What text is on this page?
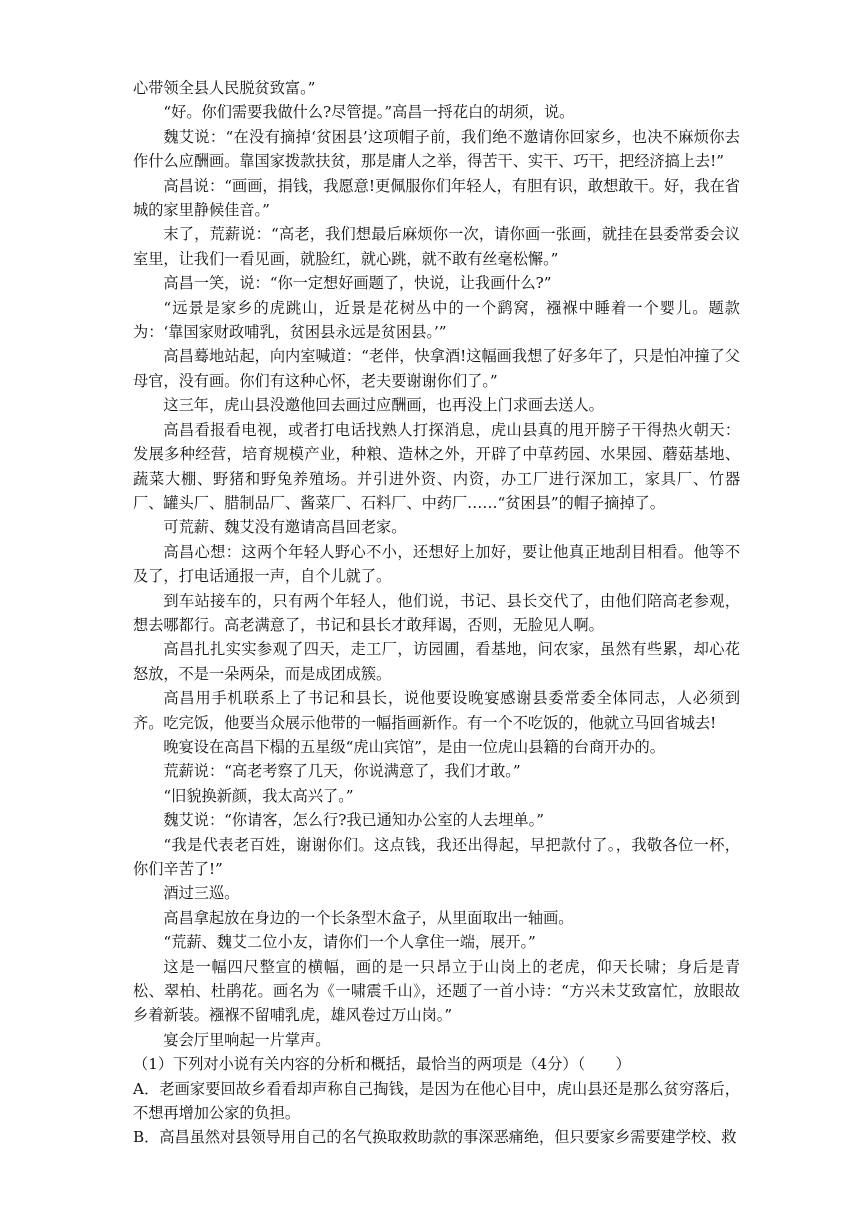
心带领全县人民脱贫致富。”

“好。你们需要我做什么?尽管提。”高昌一捋花白的胡须，说。

魏艾说：“在没有摘掉‘贫困县’这项帽子前，我们绝不邀请你回家乡，也决不麻烦你去作什么应酬画。靠国家拨款扶贫，那是庸人之举，得苦干、实干、巧干，把经济搞上去!”

高昌说：“画画，捐钱，我愿意!更佩服你们年轻人，有胆有识，敢想敢干。好，我在省城的家里静候佳音。”

末了，荒薪说：“高老，我们想最后麻烦你一次，请你画一张画，就挂在县委常委会议室里，让我们一看见画，就脸红，就心跳，就不敢有丝毫松懈。”

高昌一笑，说：“你一定想好画题了，快说，让我画什么?”

“远景是家乡的虎跳山，近景是花树丛中的一个鹞窝，襁褓中睡着一个婴儿。题款为：‘靠国家财政哺乳，贫困县永远是贫困县。’”

高昌蓦地站起，向内室喊道：“老伴，快拿酒!这幅画我想了好多年了，只是怕冲撞了父母官，没有画。你们有这种心怀，老夫要谢谢你们了。”

这三年，虎山县没邀他回去画过应酬画，也再没上门求画去送人。

高昌看报看电视，或者打电话找熟人打探消息，虎山县真的甩开膀子干得热火朝天：发展多种经营，培育规模产业，种粮、造林之外，开辟了中草药园、水果园、蘑菇基地、蔬菜大棚、野猪和野兔养殖场。并引进外资、内资，办工厂进行深加工，家具厂、竹器厂、罐头厂、腊制品厂、酱菜厂、石料厂、中药厂……“贫困县”的帽子摘掉了。

可荒薪、魏艾没有邀请高昌回老家。

高昌心想：这两个年轻人野心不小，还想好上加好，要让他真正地刮目相看。他等不及了，打电话通报一声，自个儿就了。

到车站接车的，只有两个年轻人，他们说，书记、县长交代了，由他们陪高老参观，想去哪都行。高老满意了，书记和县长才敢拜谒，否则，无脸见人啊。

高昌扎扎实实参观了四天，走工厂，访园圃，看基地，问农家，虽然有些累，却心花怒放，不是一朵两朵，而是成团成簇。

高昌用手机联系上了书记和县长，说他要设晚宴感谢县委常委全体同志，人必须到齐。吃完饭，他要当众展示他带的一幅指画新作。有一个不吃饭的，他就立马回省城去!

晚宴设在高昌下榻的五星级“虎山宾馆”，是由一位虎山县籍的台商开办的。

荒薪说：“高老考察了几天，你说满意了，我们才敢。”

“旧貌换新颜，我太高兴了。”

魏艾说：“你请客，怎么行?我已通知办公室的人去埋单。”

“我是代表老百姓，谢谢你们。这点钱，我还出得起，早把款付了。，我敬各位一杯，你们辛苦了!”

酒过三巡。

高昌拿起放在身边的一个长条型木盒子，从里面取出一轴画。

“荒薪、魏艾二位小友，请你们一个人拿住一端，展开。”

这是一幅四尺整宣的横幅，画的是一只昂立于山岗上的老虎，仰天长啸；身后是青松、翠柏、杜鹃花。画名为《一啸震千山》，还题了一首小诗：“方兴未艾致富忙，放眼故乡着新装。襁褓不留哺乳虎，雄风卷过万山岗。”

宴会厅里响起一片掌声。

（1）下列对小说有关内容的分析和概括，最恰当的两项是（4分）（　　）

A．老画家要回故乡看看却声称自己掏钱，是因为在他心目中，虎山县还是那么贫穷落后，不想再增加公家的负担。

B．高昌虽然对县领导用自己的名气换取救助款的事深恶痛绝，但只要家乡需要建学校、救
